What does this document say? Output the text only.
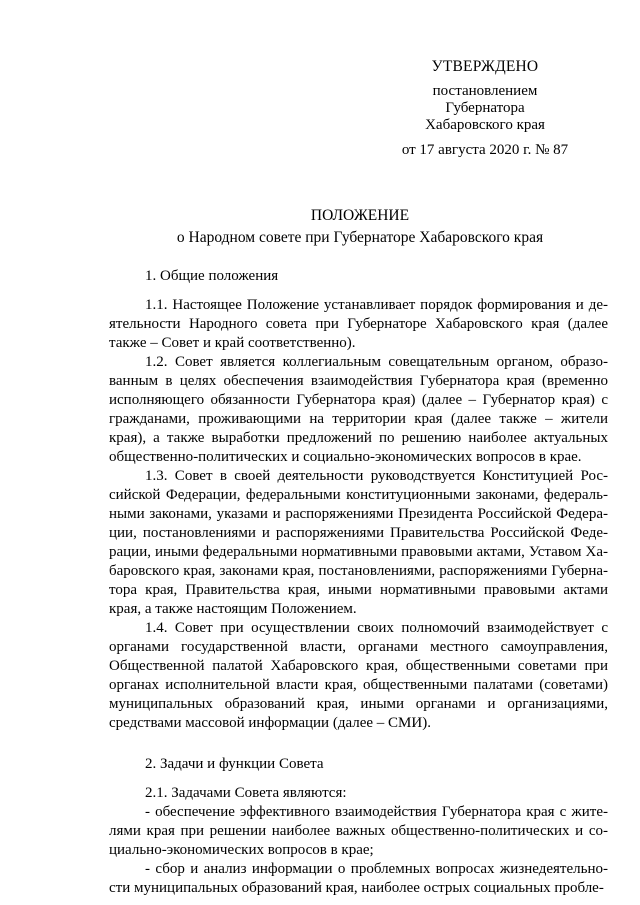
УТВЕРЖДЕНО
постановлением
Губернатора
Хабаровского края
от 17 августа 2020 г. № 87
ПОЛОЖЕНИЕ
о Народном совете при Губернаторе Хабаровского края

1. Общие положения

1.1. Настоящее Положение устанавливает порядок формирования и деятельности Народного совета при Губернаторе Хабаровского края (далее также – Совет и край соответственно).

1.2. Совет является коллегиальным совещательным органом, образованным в целях обеспечения взаимодействия Губернатора края (временно исполняющего обязанности Губернатора края) (далее – Губернатор края) с гражданами, проживающими на территории края (далее также – жители края), а также выработки предложений по решению наиболее актуальных общественно-политических и социально-экономических вопросов в крае.

1.3. Совет в своей деятельности руководствуется Конституцией Российской Федерации, федеральными конституционными законами, федеральными законами, указами и распоряжениями Президента Российской Федерации, постановлениями и распоряжениями Правительства Российской Федерации, иными федеральными нормативными правовыми актами, Уставом Хабаровского края, законами края, постановлениями, распоряжениями Губернатора края, Правительства края, иными нормативными правовыми актами края, а также настоящим Положением.

1.4. Совет при осуществлении своих полномочий взаимодействует с органами государственной власти, органами местного самоуправления, Общественной палатой Хабаровского края, общественными советами при органах исполнительной власти края, общественными палатами (советами) муниципальных образований края, иными органами и организациями, средствами массовой информации (далее – СМИ).

2. Задачи и функции Совета

2.1. Задачами Совета являются:

- обеспечение эффективного взаимодействия Губернатора края с жителями края при решении наиболее важных общественно-политических и социально-экономических вопросов в крае;

- сбор и анализ информации о проблемных вопросах жизнедеятельности муниципальных образований края, наиболее острых социальных пробле-
